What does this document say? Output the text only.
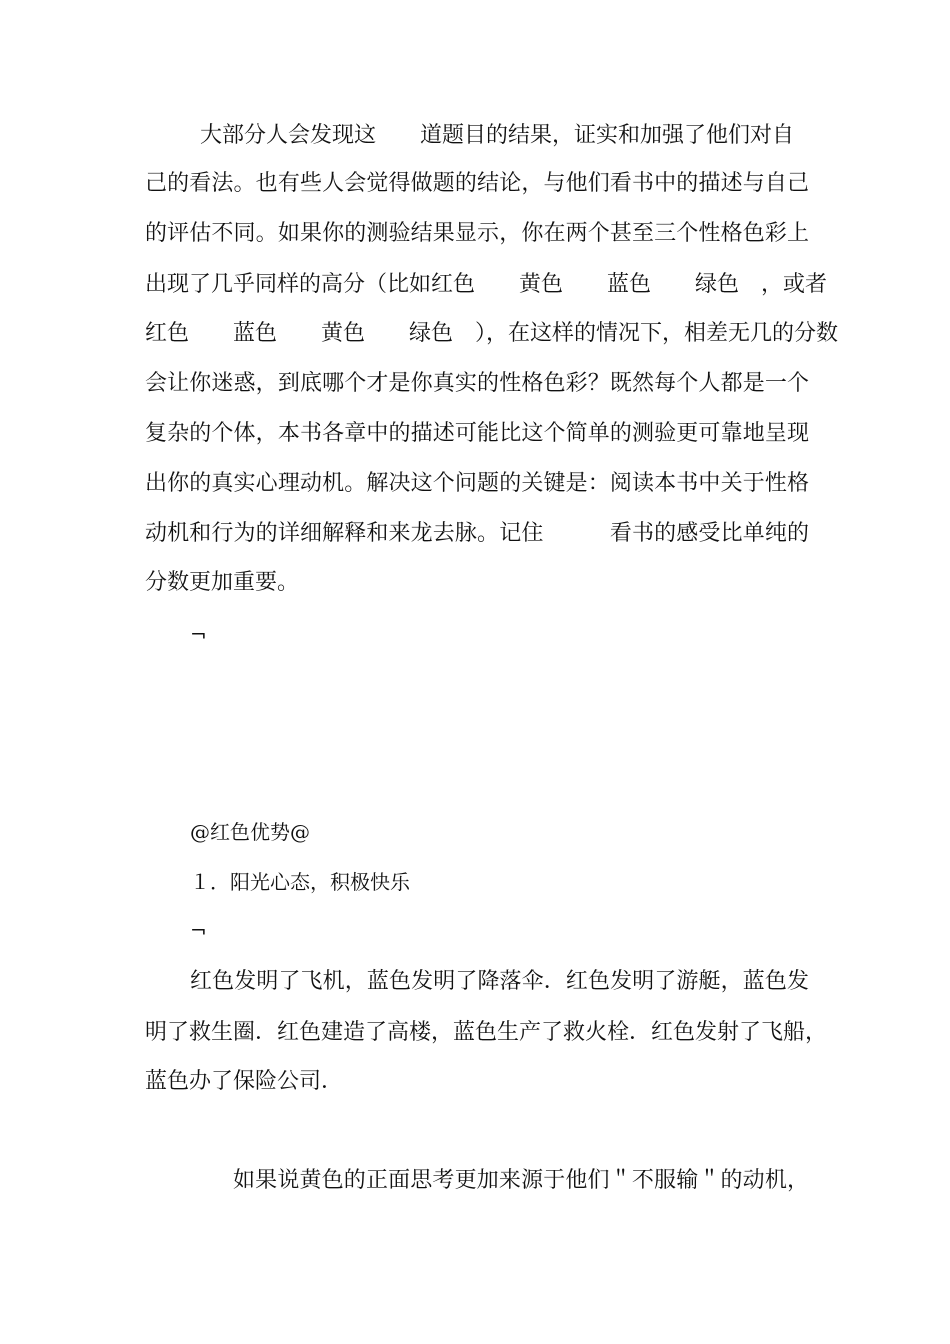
大部分人会发现这　　道题目的结果，证实和加强了他们对自
己的看法。也有些人会觉得做题的结论，与他们看书中的描述与自己
的评估不同。如果你的测验结果显示，你在两个甚至三个性格色彩上
出现了几乎同样的高分（比如红色　　黄色　　蓝色　　绿色　，或者
红色　　蓝色　　黄色　　绿色　），在这样的情况下，相差无几的分数
会让你迷惑，到底哪个才是你真实的性格色彩？既然每个人都是一个
复杂的个体，本书各章中的描述可能比这个简单的测验更可靠地呈现
出你的真实心理动机。解决这个问题的关键是：阅读本书中关于性格
动机和行为的详细解释和来龙去脉。记住　　　看书的感受比单纯的
分数更加重要。
¬
@红色优势@
１．阳光心态，积极快乐
¬
红色发明了飞机，蓝色发明了降落伞．红色发明了游艇，蓝色发
明了救生圈．红色建造了高楼，蓝色生产了救火栓．红色发射了飞船，
蓝色办了保险公司．
如果说黄色的正面思考更加来源于他们＂不服输＂的动机，
